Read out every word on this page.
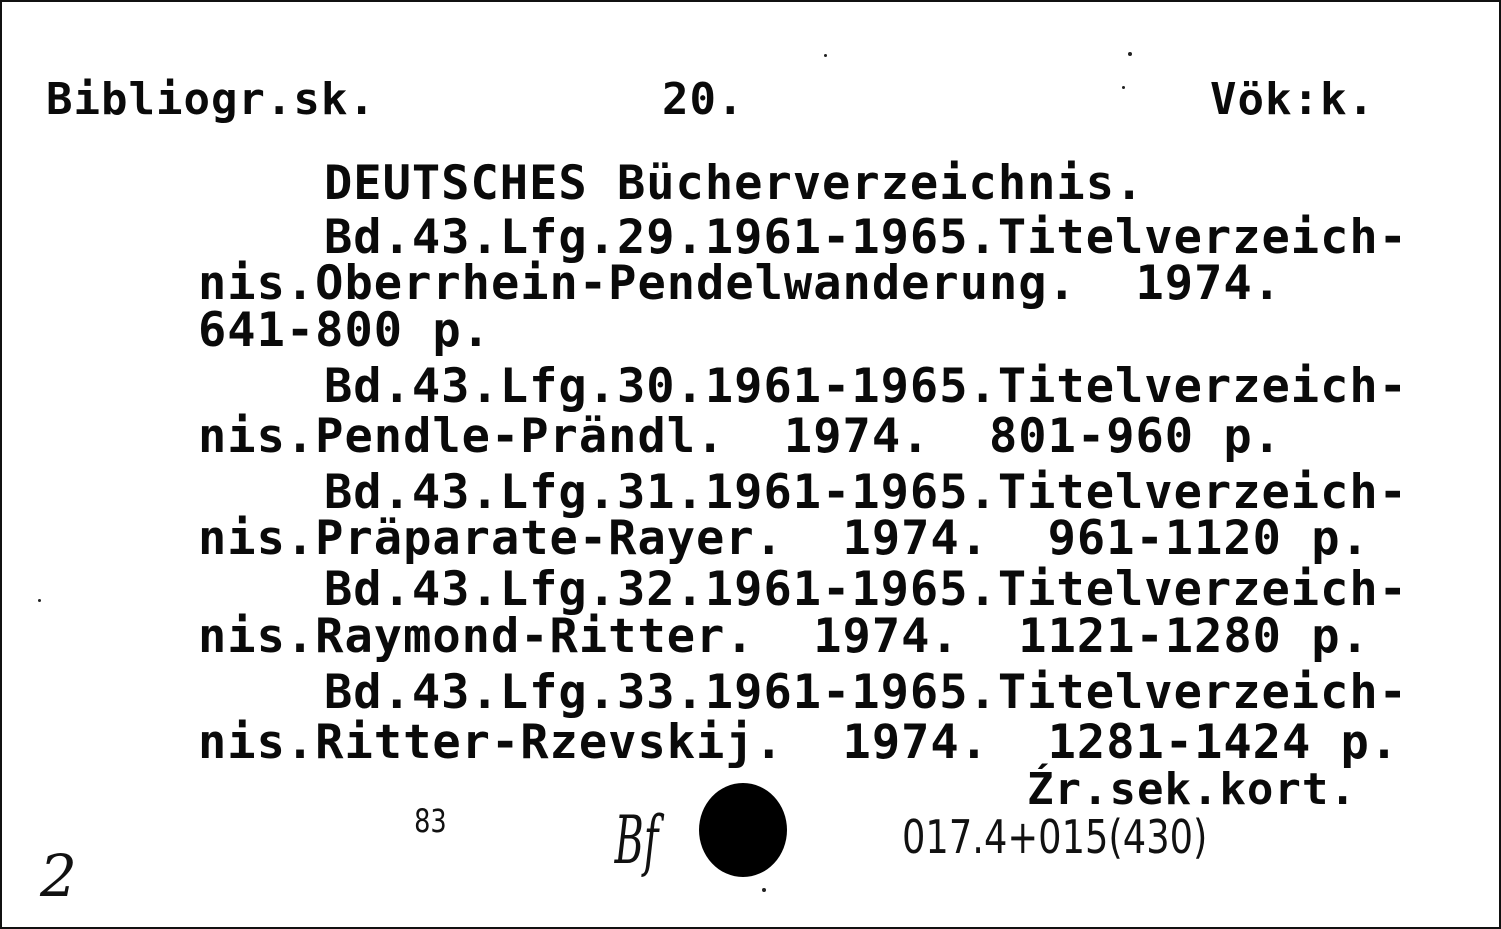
Bibliogr.sk.	20.	Vök:k.
DEUTSCHES Bücherverzeichnis.
Bd.43.Lfg.29.1961-1965.Titelverzeich-
nis.Oberrhein-Pendelwanderung.  1974.
641-800 p.
Bd.43.Lfg.30.1961-1965.Titelverzeich-
nis.Pendle-Prändl.  1974.  801-960 p.
Bd.43.Lfg.31.1961-1965.Titelverzeich-
nis.Präparate-Rayer.  1974.  961-1120 p.
Bd.43.Lfg.32.1961-1965.Titelverzeich-
nis.Raymond-Ritter.  1974.  1121-1280 p.
Bd.43.Lfg.33.1961-1965.Titelverzeich-
nis.Ritter-Rzevskij.  1974.  1281-1424 p.
Źr.sek.kort.
83	Bf	017.4+015(430)
2
